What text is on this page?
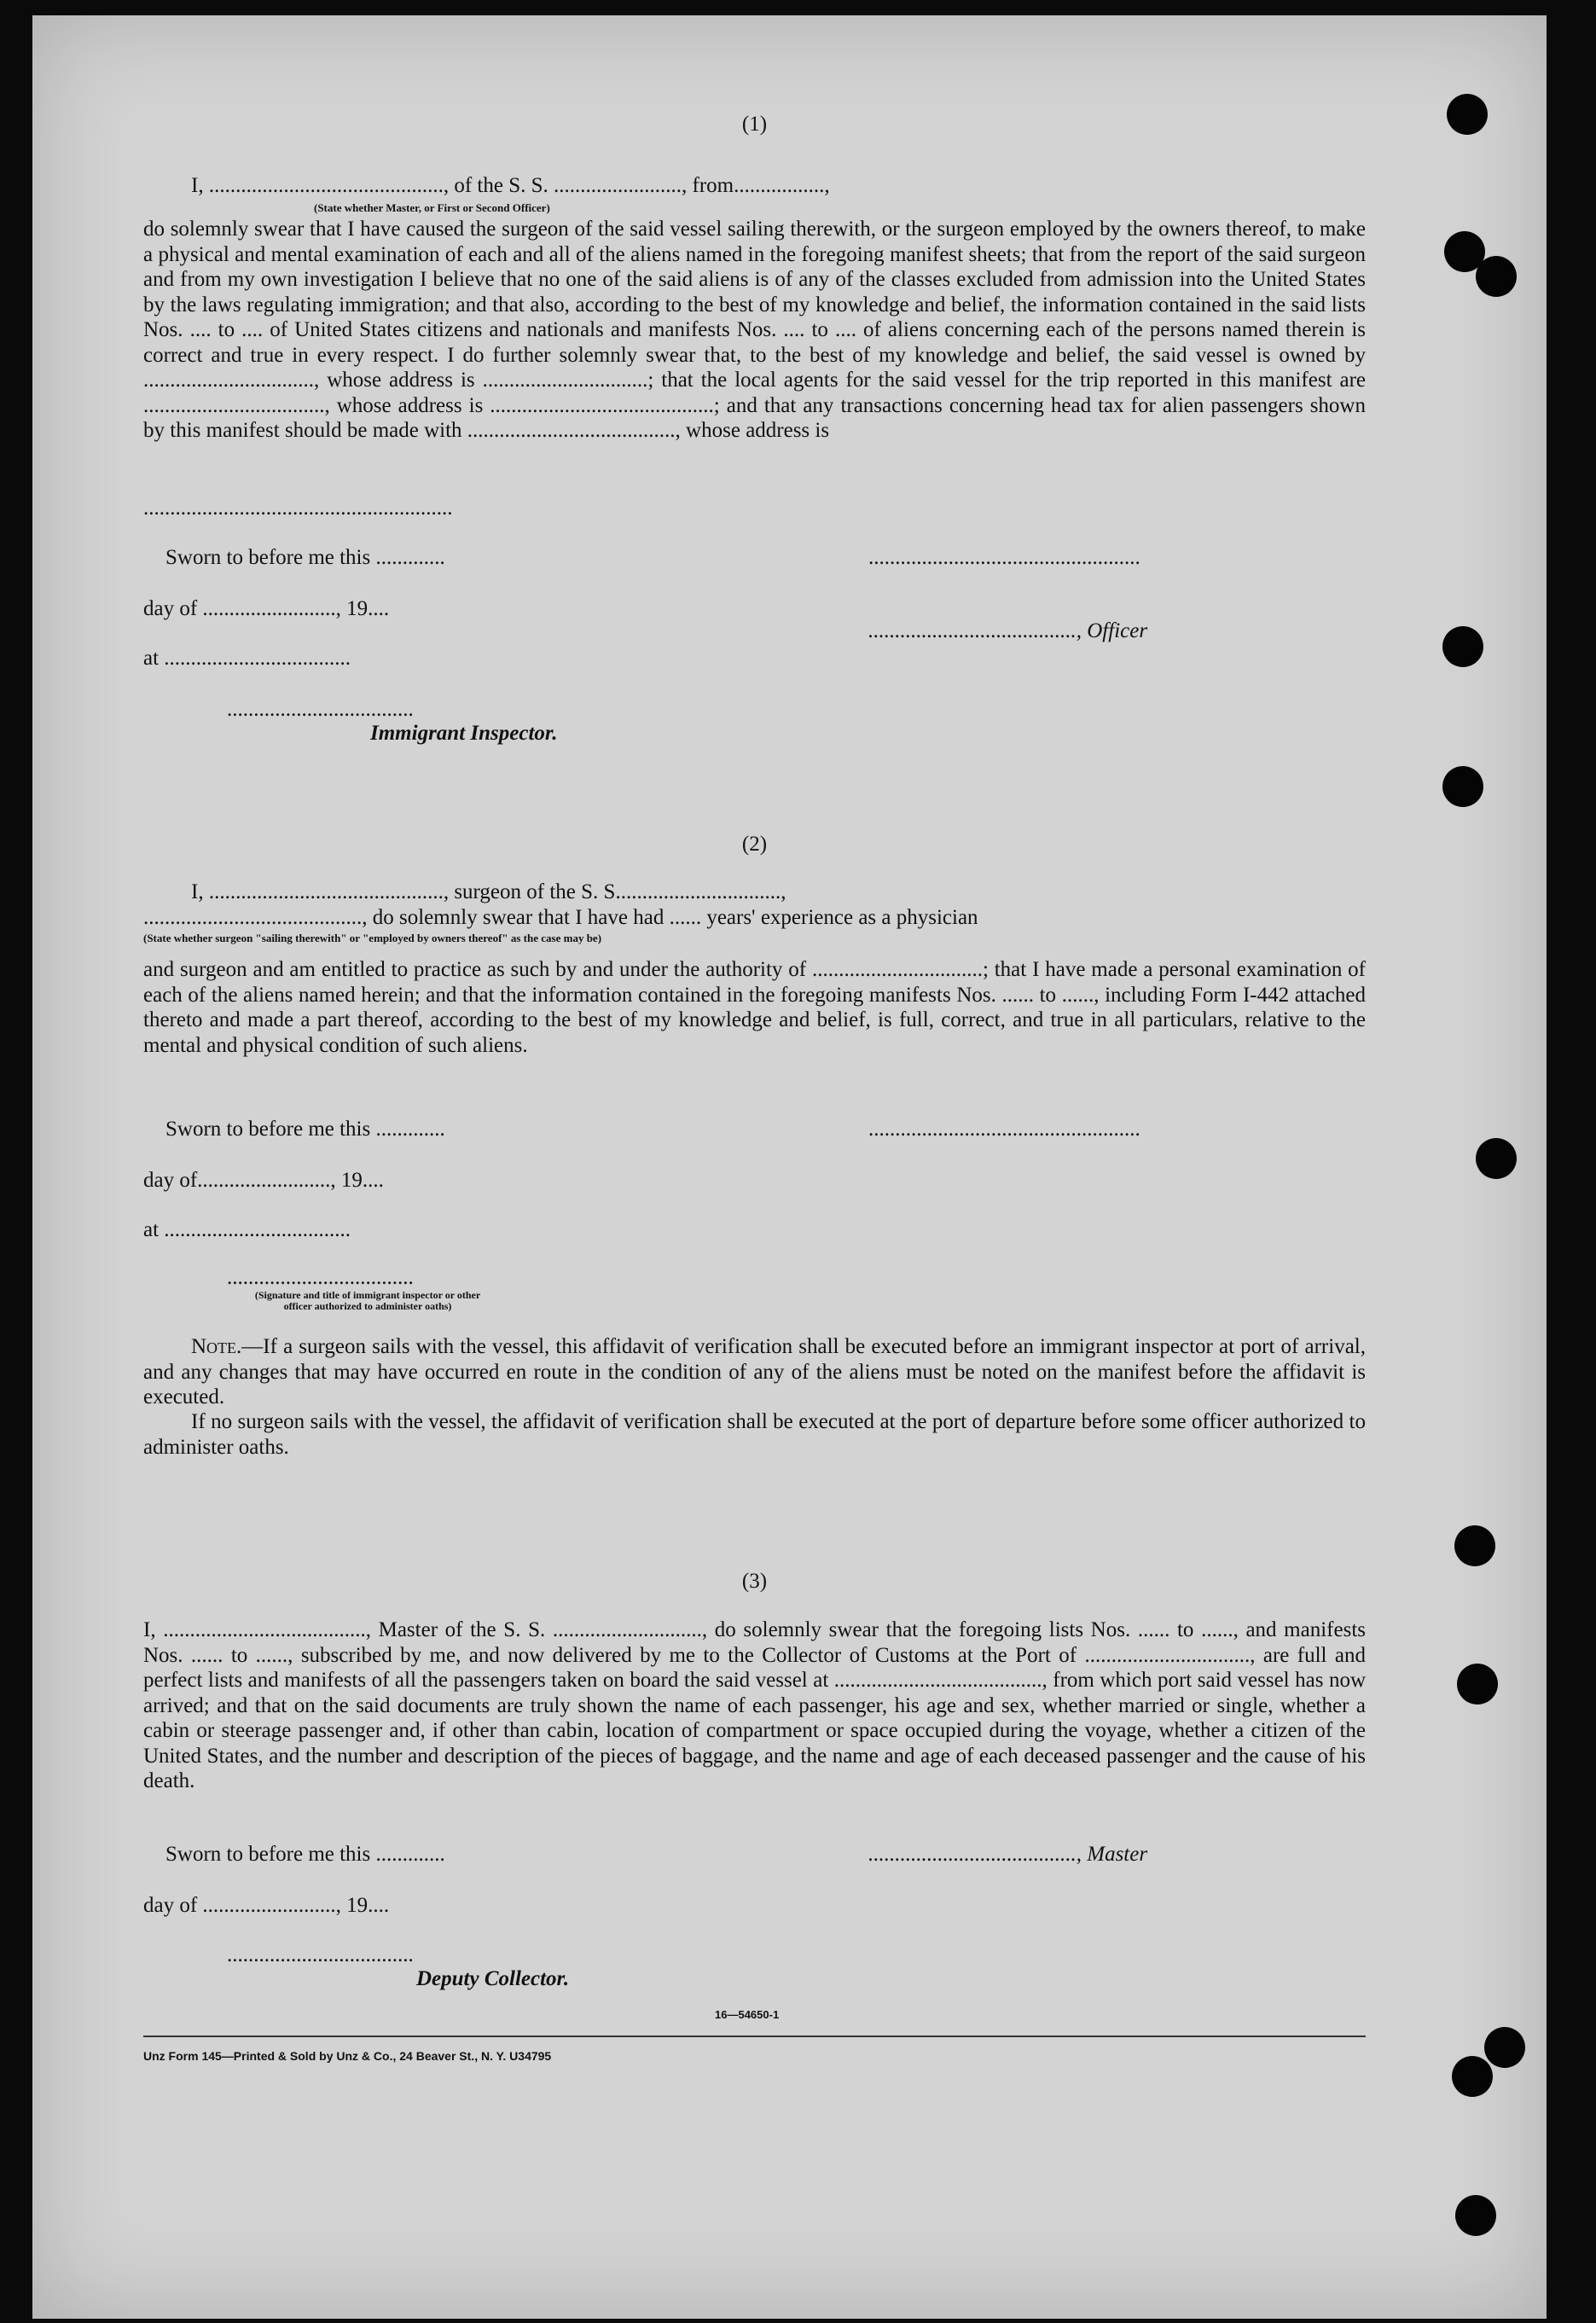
(1)
I, ............................................, of the S. S. ........................, from.................,
(State whether Master, or First or Second Officer)
do solemnly swear that I have caused the surgeon of the said vessel sailing therewith, or the surgeon employed by the owners thereof, to make a physical and mental examination of each and all of the aliens named in the foregoing manifest sheets; that from the report of the said surgeon and from my own investigation I believe that no one of the said aliens is of any of the classes excluded from admission into the United States by the laws regulating immigration; and that also, according to the best of my knowledge and belief, the information contained in the said lists Nos. .... to .... of United States citizens and nationals and manifests Nos. .... to .... of aliens concerning each of the persons named therein is correct and true in every respect. I do further solemnly swear that, to the best of my knowledge and belief, the said vessel is owned by ................................, whose address is ...............................; that the local agents for the said vessel for the trip reported in this manifest are .................................., whose address is ..........................................; and that any transactions concerning head tax for alien passengers shown by this manifest should be made with ......................................., whose address is
..........................................................
Sworn to before me this .............	...................................................
day of ........................., 19....
......................................., Officer
at ...................................
...................................
Immigrant Inspector.
(2)
I, ............................................, surgeon of the S. S...............................,
........................................., do solemnly swear that I have had ...... years' experience as a physician
(State whether surgeon "sailing therewith" or "employed by owners thereof" as the case may be)
and surgeon and am entitled to practice as such by and under the authority of ................................; that I have made a personal examination of each of the aliens named herein; and that the information contained in the foregoing manifests Nos. ...... to ......, including Form I-442 attached thereto and made a part thereof, according to the best of my knowledge and belief, is full, correct, and true in all particulars, relative to the mental and physical condition of such aliens.
Sworn to before me this .............	...................................................
day of........................., 19....
at ...................................
...................................
(Signature and title of immigrant inspector or other officer authorized to administer oaths)
Note.—If a surgeon sails with the vessel, this affidavit of verification shall be executed before an immigrant inspector at port of arrival, and any changes that may have occurred en route in the condition of any of the aliens must be noted on the manifest before the affidavit is executed.
If no surgeon sails with the vessel, the affidavit of verification shall be executed at the port of departure before some officer authorized to administer oaths.
(3)
I, ......................................, Master of the S. S. ............................, do solemnly swear that the foregoing lists Nos. ...... to ......, and manifests Nos. ...... to ......, subscribed by me, and now delivered by me to the Collector of Customs at the Port of ..............................., are full and perfect lists and manifests of all the passengers taken on board the said vessel at ......................................., from which port said vessel has now arrived; and that on the said documents are truly shown the name of each passenger, his age and sex, whether married or single, whether a cabin or steerage passenger and, if other than cabin, location of compartment or space occupied during the voyage, whether a citizen of the United States, and the number and description of the pieces of baggage, and the name and age of each deceased passenger and the cause of his death.
Sworn to before me this .............	......................................., Master
day of ........................., 19....
...................................
Deputy Collector.
16—54650-1
Unz Form 145—Printed & Sold by Unz & Co., 24 Beaver St., N. Y. U34795
